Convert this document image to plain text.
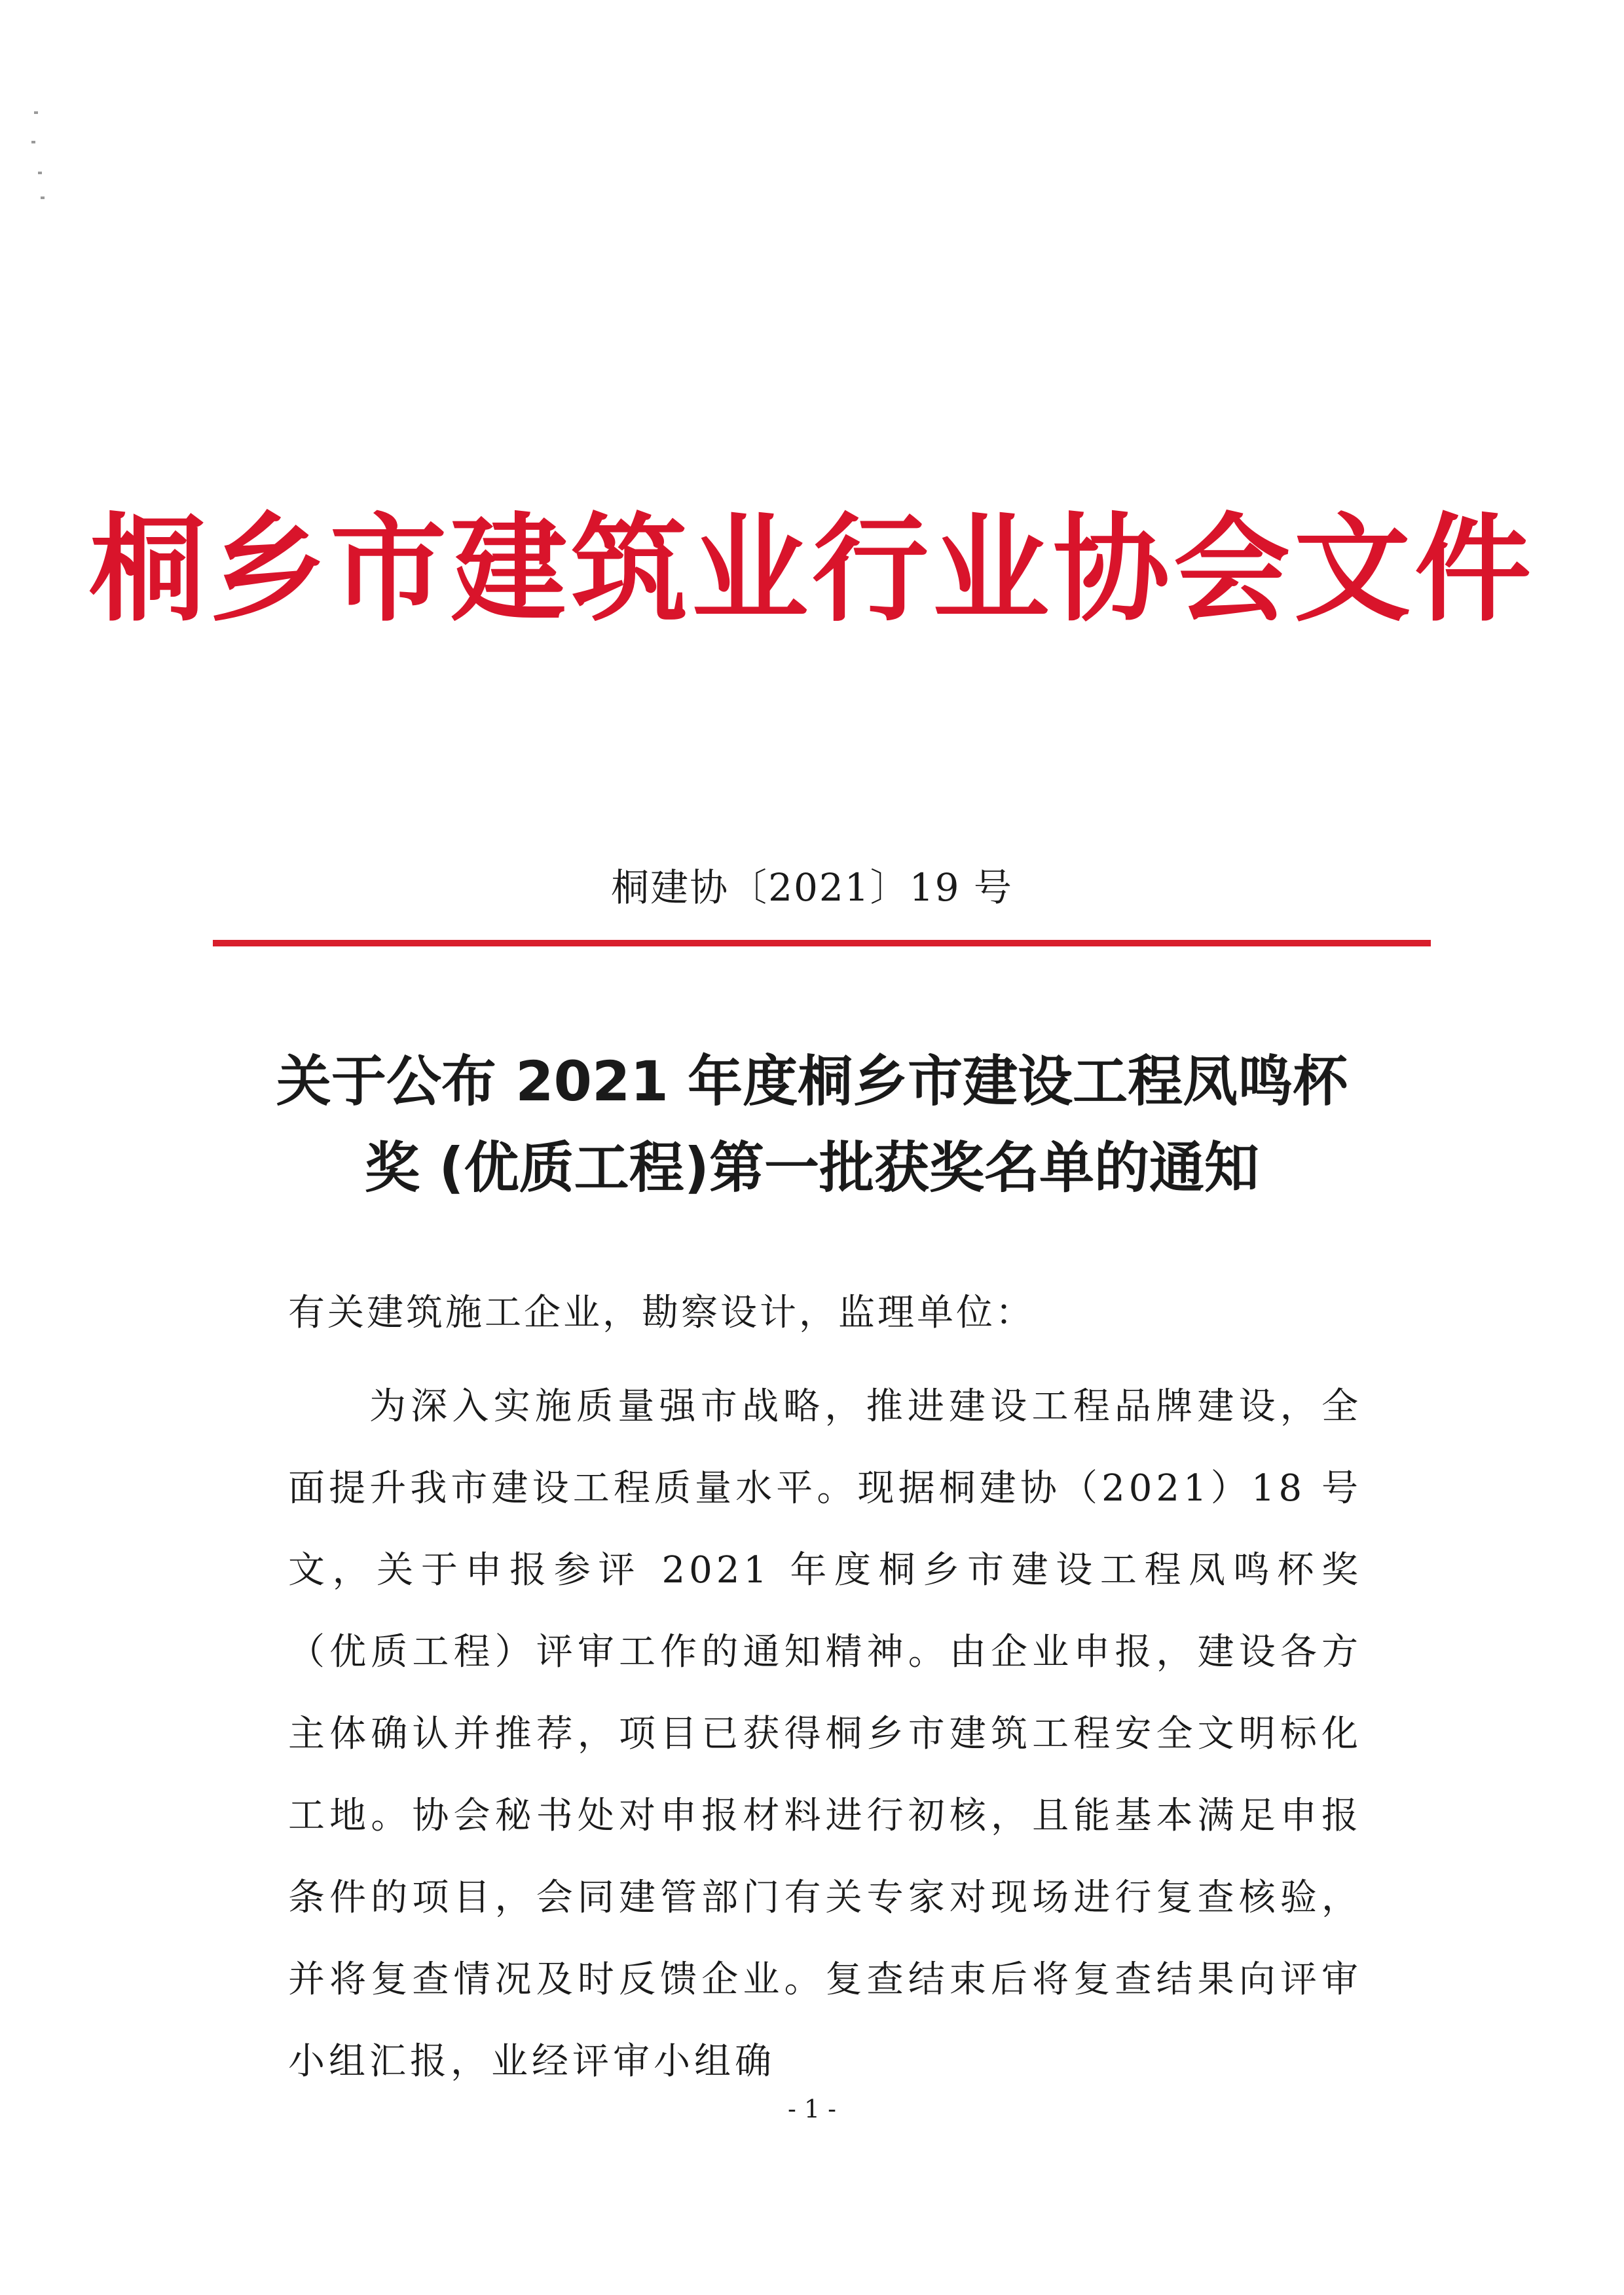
桐乡市建筑业行业协会文件
桐建协〔2021〕19 号
关于公布 2021 年度桐乡市建设工程凤鸣杯
奖 (优质工程)第一批获奖名单的通知
有关建筑施工企业，勘察设计，监理单位：

为深入实施质量强市战略，推进建设工程品牌建设，全面提升我市建设工程质量水平。现据桐建协（2021）18 号文，关于申报参评 2021 年度桐乡市建设工程凤鸣杯奖（优质工程）评审工作的通知精神。由企业申报，建设各方主体确认并推荐，项目已获得桐乡市建筑工程安全文明标化工地。协会秘书处对申报材料进行初核，且能基本满足申报条件的项目，会同建管部门有关专家对现场进行复查核验，并将复查情况及时反馈企业。复查结束后将复查结果向评审小组汇报，业经评审小组确

- 1 -
